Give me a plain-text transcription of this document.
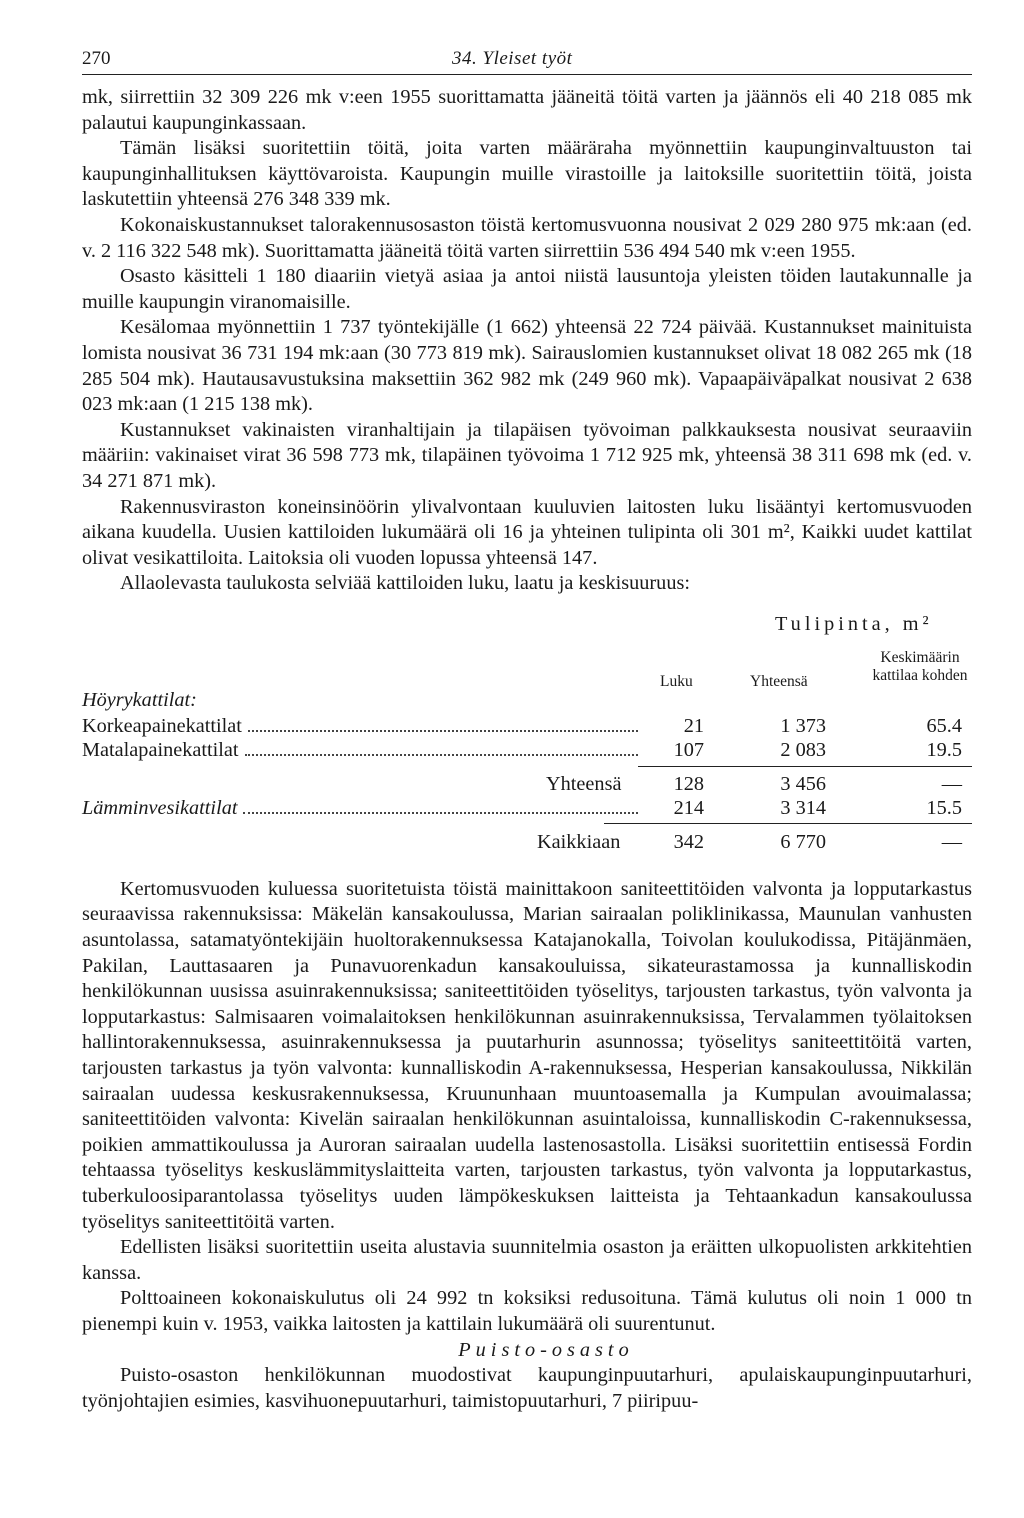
270	34. Yleiset työt

mk, siirrettiin 32 309 226 mk v:een 1955 suorittamatta jääneitä töitä varten ja jäännös eli 40 218 085 mk palautui kaupunginkassaan.

Tämän lisäksi suoritettiin töitä, joita varten määräraha myönnettiin kaupunginvaltuuston tai kaupunginhallituksen käyttövaroista. Kaupungin muille virastoille ja laitoksille suoritettiin töitä, joista laskutettiin yhteensä 276 348 339 mk.

Kokonaiskustannukset talorakennusosaston töistä kertomusvuonna nousivat 2 029 280 975 mk:aan (ed. v. 2 116 322 548 mk). Suorittamatta jääneitä töitä varten siirrettiin 536 494 540 mk v:een 1955.

Osasto käsitteli 1 180 diaariin vietyä asiaa ja antoi niistä lausuntoja yleisten töiden lautakunnalle ja muille kaupungin viranomaisille.

Kesälomaa myönnettiin 1 737 työntekijälle (1 662) yhteensä 22 724 päivää. Kustannukset mainituista lomista nousivat 36 731 194 mk:aan (30 773 819 mk). Sairauslomien kustannukset olivat 18 082 265 mk (18 285 504 mk). Hautausavustuksina maksettiin 362 982 mk (249 960 mk). Vapaapäiväpalkat nousivat 2 638 023 mk:aan (1 215 138 mk).

Kustannukset vakinaisten viranhaltijain ja tilapäisen työvoiman palkkauksesta nousivat seuraaviin määriin: vakinaiset virat 36 598 773 mk, tilapäinen työvoima 1 712 925 mk, yhteensä 38 311 698 mk (ed. v. 34 271 871 mk).

Rakennusviraston koneinsinöörin ylivalvontaan kuuluvien laitosten luku lisääntyi kertomusvuoden aikana kuudella. Uusien kattiloiden lukumäärä oli 16 ja yhteinen tulipinta oli 301 m², Kaikki uudet kattilat olivat vesikattiloita. Laitoksia oli vuoden lopussa yhteensä 147.

Allaolevasta taulukosta selviää kattiloiden luku, laatu ja keskisuuruus:

Tulipinta, m²
Luku	Yhteensä
Keskimäärin kattilaa kohden
Höyrykattilat:
Korkeapainekattilat	21	1 373	65.4
Matalapainekattilat	107	2 083	19.5
Yhteensä	128	3 456	—
Lämminvesikattilat	214	3 314	15.5
Kaikkiaan	342	6 770	—

Kertomusvuoden kuluessa suoritetuista töistä mainittakoon saniteettitöiden valvonta ja lopputarkastus seuraavissa rakennuksissa: Mäkelän kansakoulussa, Marian sairaalan poliklinikassa, Maunulan vanhusten asuntolassa, satamatyöntekijäin huoltorakennuksessa Katajanokalla, Toivolan koulukodissa, Pitäjänmäen, Pakilan, Lauttasaaren ja Punavuorenkadun kansakouluissa, sikateurastamossa ja kunnalliskodin henkilökunnan uusissa asuinrakennuksissa; saniteettitöiden työselitys, tarjousten tarkastus, työn valvonta ja lopputarkastus: Salmisaaren voimalaitoksen henkilökunnan asuinrakennuksissa, Tervalammen työlaitoksen hallintorakennuksessa, asuinrakennuksessa ja puutarhurin asunnossa; työselitys saniteettitöitä varten, tarjousten tarkastus ja työn valvonta: kunnalliskodin A-rakennuksessa, Hesperian kansakoulussa, Nikkilän sairaalan uudessa keskusrakennuksessa, Kruununhaan muuntoasemalla ja Kumpulan avouimalassa; saniteettitöiden valvonta: Kivelän sairaalan henkilökunnan asuintaloissa, kunnalliskodin C-rakennuksessa, poikien ammattikoulussa ja Auroran sairaalan uudella lastenosastolla. Lisäksi suoritettiin entisessä Fordin tehtaassa työselitys keskuslämmityslaitteita varten, tarjousten tarkastus, työn valvonta ja lopputarkastus, tuberkuloosiparantolassa työselitys uuden lämpökeskuksen laitteista ja Tehtaankadun kansakoulussa työselitys saniteettitöitä varten.

Edellisten lisäksi suoritettiin useita alustavia suunnitelmia osaston ja eräitten ulkopuolisten arkkitehtien kanssa.

Polttoaineen kokonaiskulutus oli 24 992 tn koksiksi redusoituna. Tämä kulutus oli noin 1 000 tn pienempi kuin v. 1953, vaikka laitosten ja kattilain lukumäärä oli suurentunut.

Puisto-osasto

Puisto-osaston henkilökunnan muodostivat kaupunginpuutarhuri, apulaiskaupunginpuutarhuri, työnjohtajien esimies, kasvihuonepuutarhuri, taimistopuutarhuri, 7 piiripuu-
